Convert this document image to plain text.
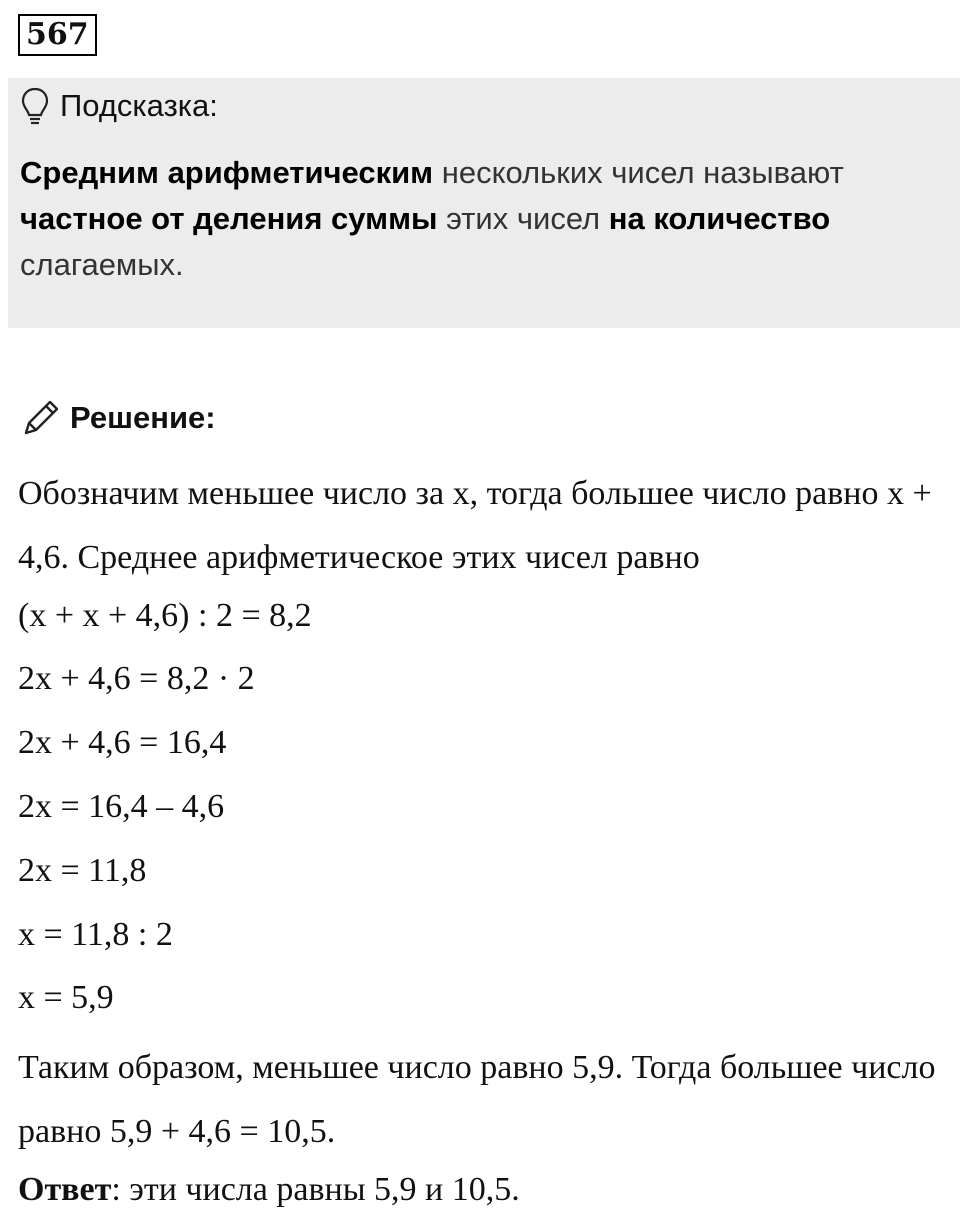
567
Подсказка:
Средним арифметическим нескольких чисел называют частное от деления суммы этих чисел на количество слагаемых.
Решение:
Обозначим меньшее число за x, тогда большее число равно x + 4,6. Среднее арифметическое этих чисел равно
(x + x + 4,6) : 2 = 8,2
2x + 4,6 = 8,2 · 2
2x + 4,6 = 16,4
2x = 16,4 – 4,6
2x = 11,8
x = 11,8 : 2
x = 5,9
Таким образом, меньшее число равно 5,9. Тогда большее число равно 5,9 + 4,6 = 10,5.
Ответ: эти числа равны 5,9 и 10,5.
